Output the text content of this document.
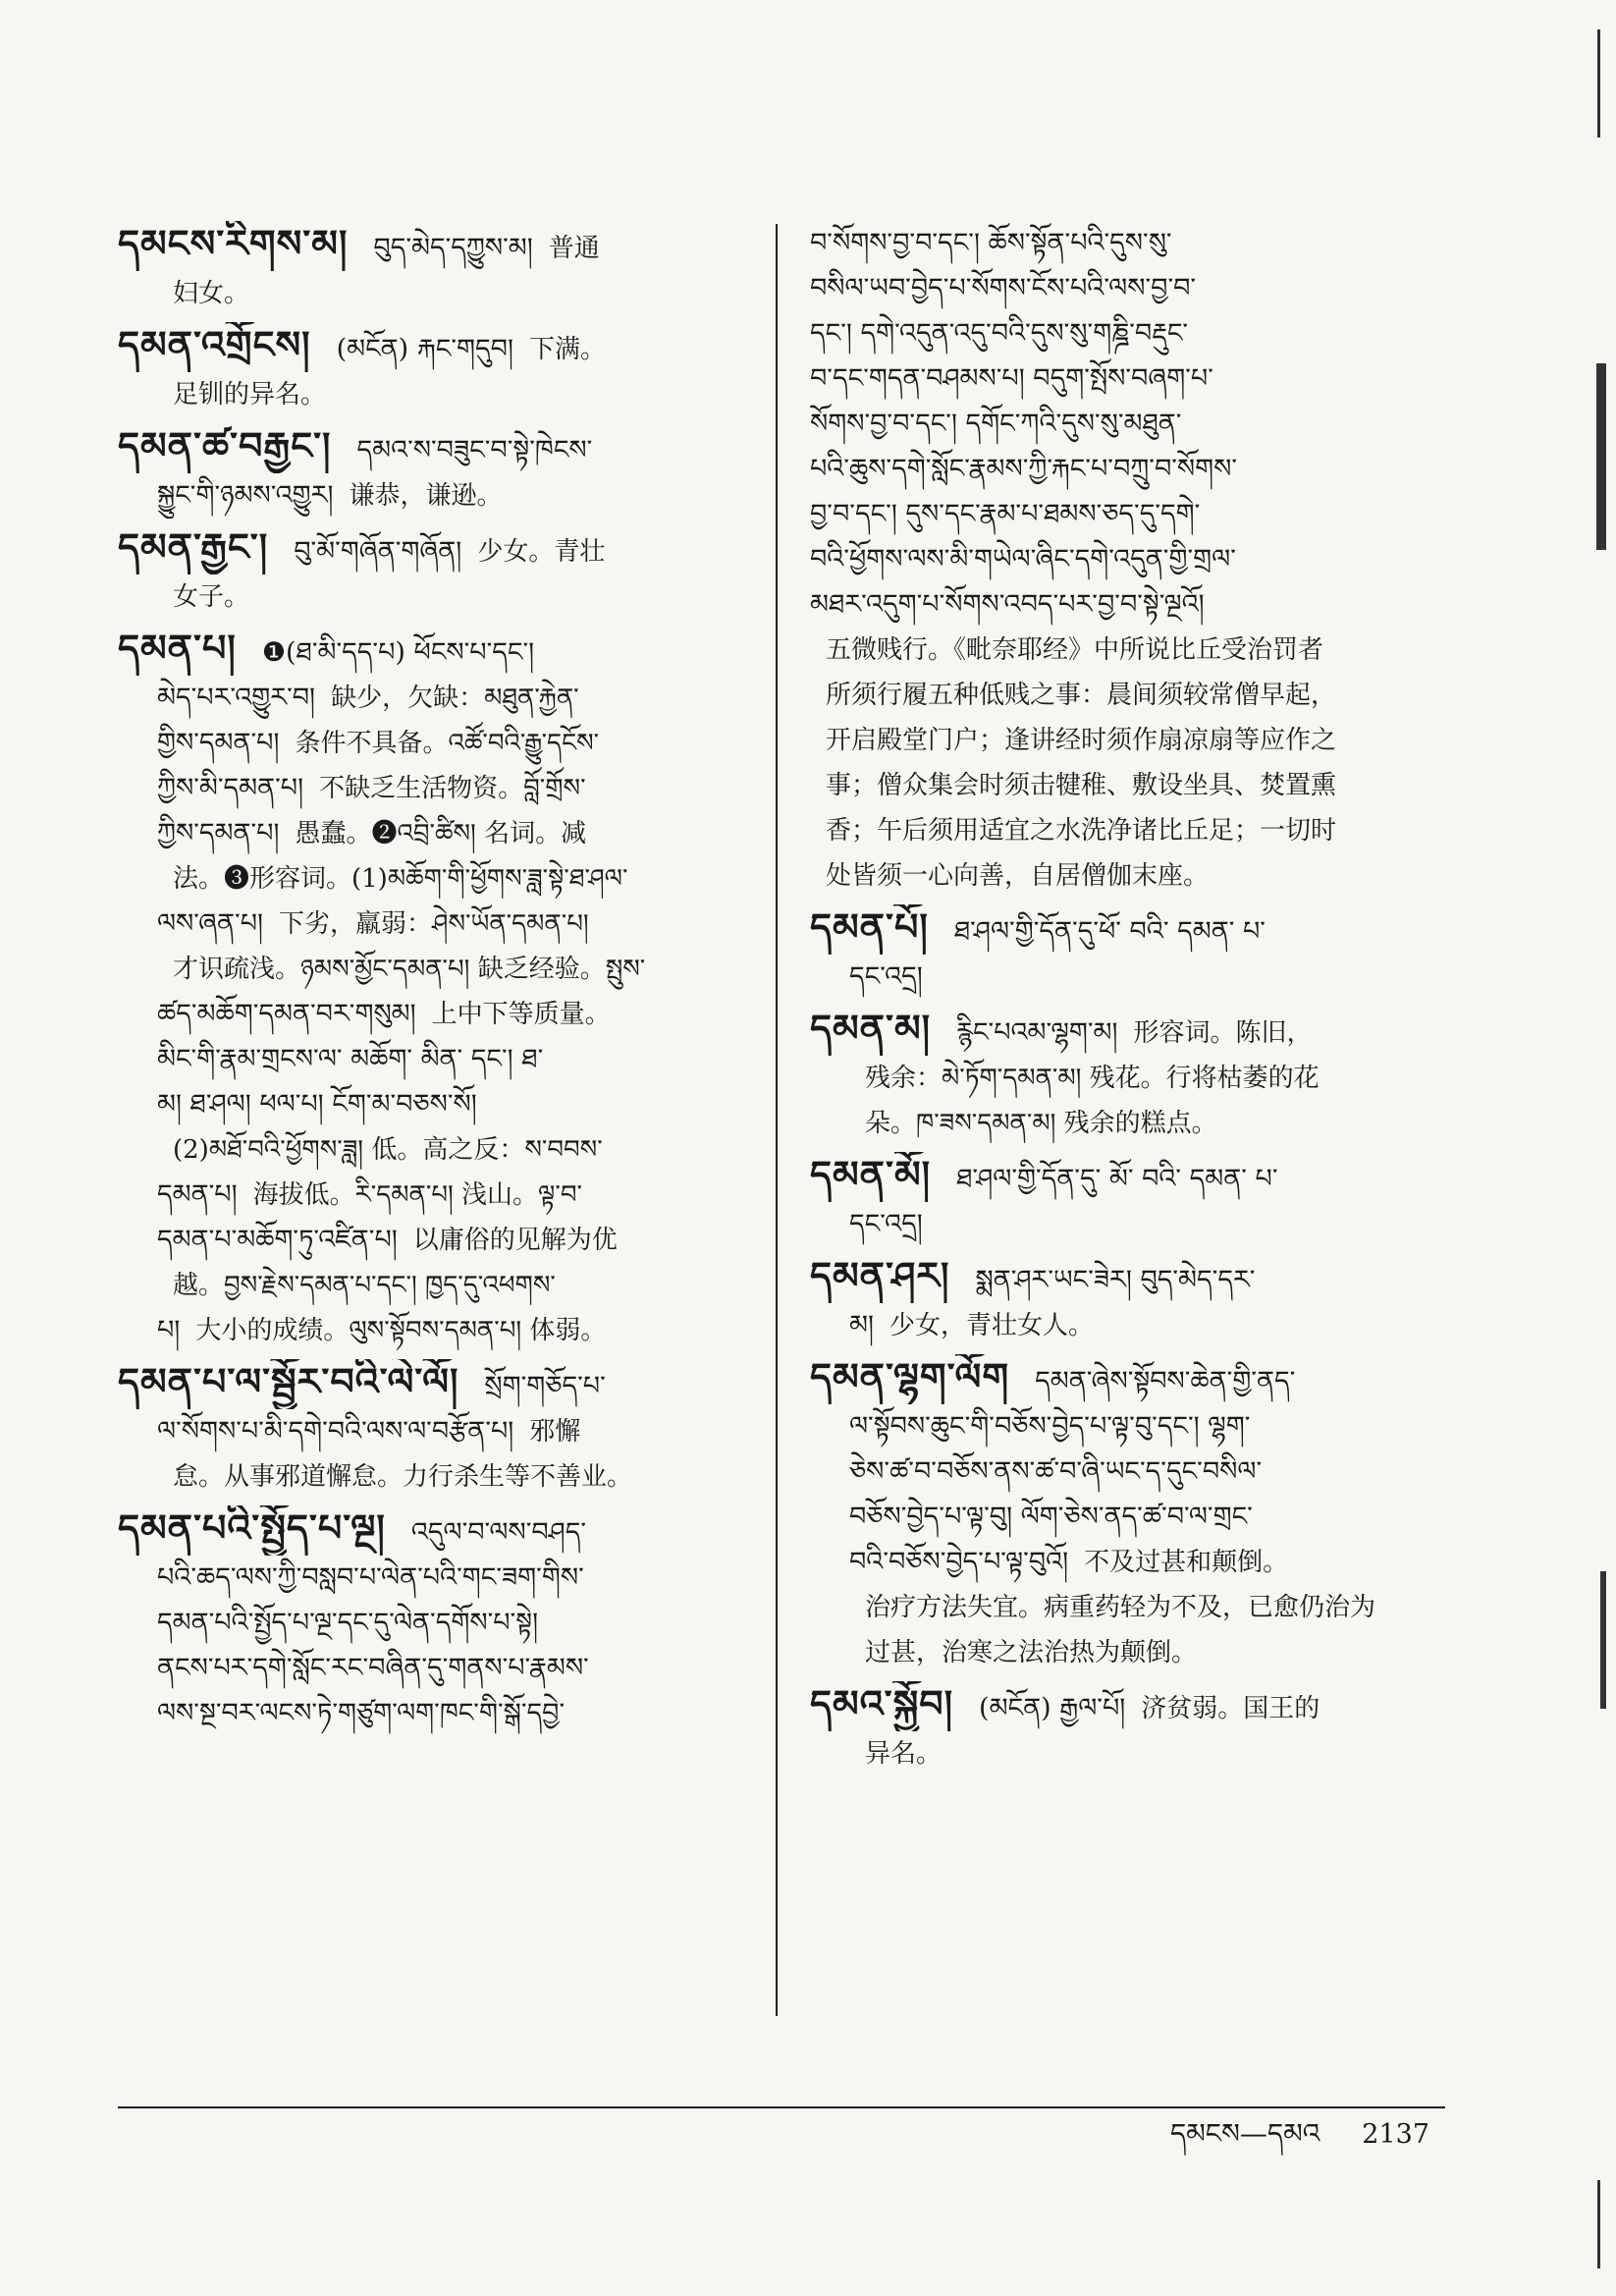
དམངས་རིགས་མ། བུད་མེད་དཀྱུས་མ། 普通
妇女。
དམན་འགྲོངས། (མངོན) རྐང་གདུབ། 下满。
足钏的异名。
དམན་ཚ་བརྒྱང་། དམའ་ས་བཟུང་བ་སྟེ་ཁེངས་
སྐྱུང་གི་ཉམས་འགྱུར། 谦恭，谦逊。
དམན་རྒྱང་། བུ་མོ་གཞོན་གཞོན། 少女。青壮
女子。
དམན་པ། ❶(ཐ་མི་དད་པ) ཕོངས་པ་དང་།
མེད་པར་འགྱུར་བ། 缺少，欠缺：མཐུན་རྐྱེན་
གྱིས་དམན་པ། 条件不具备。འཚོ་བའི་རྒྱུ་དངོས་
ཀྱིས་མི་དམན་པ། 不缺乏生活物资。བློ་གྲོས་
ཀྱིས་དམན་པ། 愚蠢。❷འབྲི་ཚིས། 名词。减
法。❸形容词。(1)མཆོག་གི་ཕྱོགས་ཟླ་སྟེ་ཐ་ཤལ་
ལས་ཞན་པ། 下劣，羸弱：ཤེས་ཡོན་དམན་པ།
才识疏浅。ཉམས་མྱོང་དམན་པ། 缺乏经验。སྤུས་
ཚད་མཆོག་དམན་བར་གསུམ། 上中下等质量。
མིང་གི་རྣམ་གྲངས་ལ་ མཆོག་ མིན་ དང་། ཐ་
མ། ཐ་ཤལ། ཕལ་པ། ངོག་མ་བཅས་སོ།
(2)མཐོ་བའི་ཕྱོགས་ཟླ། 低。高之反：ས་བབས་
དམན་པ། 海拔低。རི་དམན་པ། 浅山。ལྟ་བ་
དམན་པ་མཆོག་ཏུ་འཛིན་པ། 以庸俗的见解为优
越。བྱས་རྗེས་དམན་པ་དང་། ཁྱད་དུ་འཕགས་
པ། 大小的成绩。ལུས་སྟོབས་དམན་པ། 体弱。
དམན་པ་ལ་སྦྱོར་བའི་ལེ་ལོ། སྲོག་གཅོད་པ་
ལ་སོགས་པ་མི་དགེ་བའི་ལས་ལ་བརྩོན་པ། 邪懈
怠。从事邪道懈怠。力行杀生等不善业。
དམན་པའི་སྤྱོད་པ་ལྔ། འདུལ་བ་ལས་བཤད་
པའི་ཆད་ལས་ཀྱི་བསླབ་པ་ལེན་པའི་གང་ཟག་གིས་
དམན་པའི་སྤྱོད་པ་ལྔ་དང་དུ་ལེན་དགོས་པ་སྟེ།
ནངས་པར་དགེ་སློང་རང་བཞིན་དུ་གནས་པ་རྣམས་
ལས་སྔ་བར་ལངས་ཏེ་གཙུག་ལག་ཁང་གི་སྒོ་དབྱེ་
བ་སོགས་བྱ་བ་དང་། ཆོས་སྟོན་པའི་དུས་སུ་
བསིལ་ཡབ་བྱེད་པ་སོགས་ངོས་པའི་ལས་བྱ་བ་
དང་། དགེ་འདུན་འདུ་བའི་དུས་སུ་གཎྜི་བརྡུང་
བ་དང་གདན་བཤམས་པ། བདུག་སྤོས་བཞག་པ་
སོགས་བྱ་བ་དང་། དགོང་ཀའི་དུས་སུ་མཐུན་
པའི་ཆུས་དགེ་སློང་རྣམས་ཀྱི་རྐང་པ་བཀྲུ་བ་སོགས་
བྱ་བ་དང་། དུས་དང་རྣམ་པ་ཐམས་ཅད་དུ་དགེ་
བའི་ཕྱོགས་ལས་མི་གཡེལ་ཞིང་དགེ་འདུན་གྱི་གྲལ་
མཐར་འདུག་པ་སོགས་འབད་པར་བྱ་བ་སྟེ་ལྔའོ།
五微贱行。《毗奈耶经》中所说比丘受治罚者
所须行履五种低贱之事：晨间须较常僧早起，
开启殿堂门户；逢讲经时须作扇凉扇等应作之
事；僧众集会时须击犍稚、敷设坐具、焚置熏
香；午后须用适宜之水洗净诸比丘足；一切时
处皆须一心向善，自居僧伽末座。
དམན་པོ། ཐ་ཤལ་གྱི་དོན་དུ་ཕོ་ བའི་ དམན་ པ་
དང་འདྲ།
དམན་མ། རྙིང་པའམ་ལྷག་མ། 形容词。陈旧，
残余：མེ་ཏོག་དམན་མ། 残花。行将枯萎的花
朵。ཁ་ཟས་དམན་མ། 残余的糕点。
དམན་མོ། ཐ་ཤལ་གྱི་དོན་དུ་ མོ་ བའི་ དམན་ པ་
དང་འདྲ།
དམན་ཤར། སྨན་ཤར་ཡང་ཟེར། བུད་མེད་དར་
མ། 少女，青壮女人。
དམན་ལྷག་ལོག དམན་ཞེས་སྟོབས་ཆེན་གྱི་ནད་
ལ་སྟོབས་ཆུང་གི་བཅོས་བྱེད་པ་ལྟ་བུ་དང་། ལྷག་
ཅེས་ཚ་བ་བཅོས་ནས་ཚ་བ་ཞི་ཡང་ད་དུང་བསིལ་
བཅོས་བྱེད་པ་ལྟ་བུ། ལོག་ཅེས་ནད་ཚ་བ་ལ་གྲང་
བའི་བཅོས་བྱེད་པ་ལྟ་བུའོ། 不及过甚和颠倒。
治疗方法失宜。病重药轻为不及，已愈仍治为
过甚，治寒之法治热为颠倒。
དམའ་སྐྱོབ། (མངོན) རྒྱལ་པོ། 济贫弱。国王的
异名。
དམངས—དམའ 2137
